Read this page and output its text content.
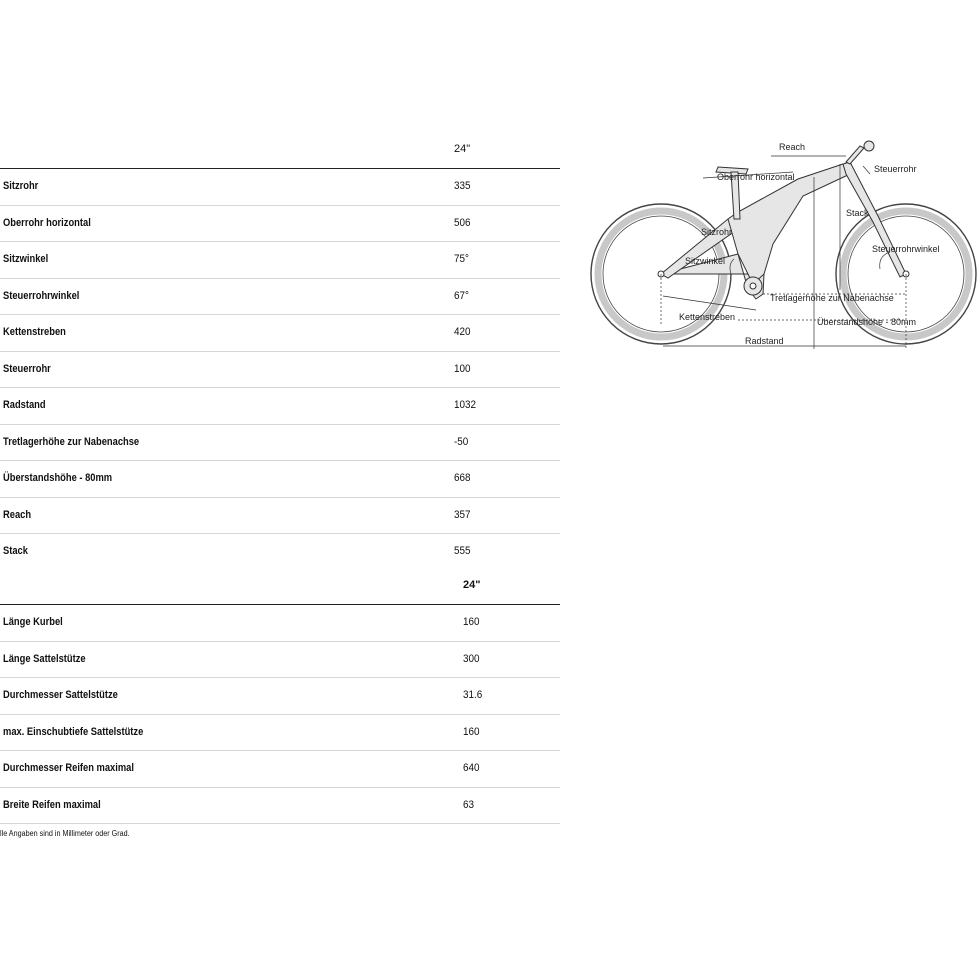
24"
Sitzrohr	335
Oberrohr horizontal	506
Sitzwinkel	75°
Steuerrohrwinkel	67°
Kettenstreben	420
Steuerrohr	100
Radstand	1032
Tretlagerhöhe zur Nabenachse	-50
Überstandshöhe - 80mm	668
Reach	357
Stack	555
24"
Länge Kurbel	160
Länge Sattelstütze	300
Durchmesser Sattelstütze	31.6
max. Einschubtiefe Sattelstütze	160
Durchmesser Reifen maximal	640
Breite Reifen maximal	63
lle Angaben sind in Millimeter oder Grad.
Reach
Steuerrohr
Oberrohr horizontal
Stack
Sitzrohr
Steuerrohrwinkel
Sitzwinkel
Tretlagerhöhe zur Nabenachse
Kettenstreben	Überstandshöhe - 80mm
Radstand
